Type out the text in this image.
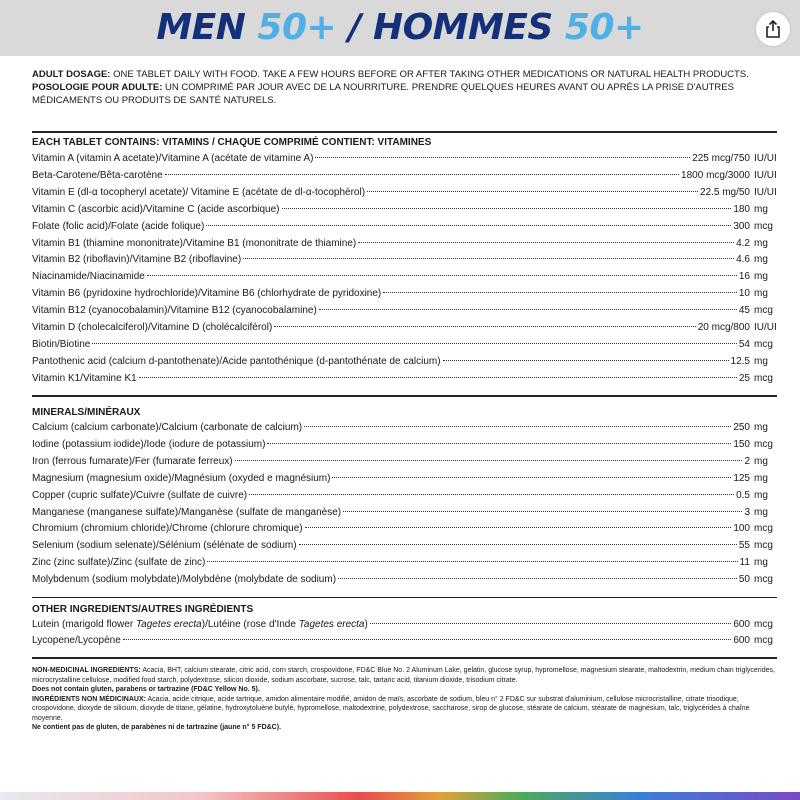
MEN 50+ / HOMMES 50+
ADULT DOSAGE: ONE TABLET DAILY WITH FOOD. TAKE A FEW HOURS BEFORE OR AFTER TAKING OTHER MEDICATIONS OR NATURAL HEALTH PRODUCTS.
POSOLOGIE POUR ADULTE: UN COMPRIMÉ PAR JOUR AVEC DE LA NOURRITURE. PRENDRE QUELQUES HEURES AVANT OU APRÈS LA PRISE D'AUTRES MÉDICAMENTS OU PRODUITS DE SANTÉ NATURELS.
EACH TABLET CONTAINS: VITAMINS / CHAQUE COMPRIMÉ CONTIENT: VITAMINES
Vitamin A (vitamin A acetate)/Vitamine A (acétate de vitamine A)	225 mcg/750 IU/UI
Beta-Carotene/Bêta-carotène	1800 mcg/3000 IU/UI
Vitamin E (dl-α tocopheryl acetate)/ Vitamine E (acétate de dl-α-tocophérol)	22.5 mg/50 IU/UI
Vitamin C (ascorbic acid)/Vitamine C (acide ascorbique)	180 mg
Folate (folic acid)/Folate (acide folique)	300 mcg
Vitamin B1 (thiamine mononitrate)/Vitamine B1 (mononitrate de thiamine)	4.2 mg
Vitamin B2 (riboflavin)/Vitamine B2 (riboflavine)	4.6 mg
Niacinamide/Niacinamide	16 mg
Vitamin B6 (pyridoxine hydrochloride)/Vitamine B6 (chlorhydrate de pyridoxine)	10 mg
Vitamin B12 (cyanocobalamin)/Vitamine B12 (cyanocobalamine)	45 mcg
Vitamin D (cholecalciferol)/Vitamine D (cholécalciférol)	20 mcg/800 IU/UI
Biotin/Biotine	54 mcg
Pantothenic acid (calcium d-pantothenate)/Acide pantothénique (d-pantothénate de calcium)	12.5 mg
Vitamin K1/Vitamine K1	25 mcg
MINERALS/MINÉRAUX
Calcium (calcium carbonate)/Calcium (carbonate de calcium)	250 mg
Iodine (potassium iodide)/Iode (iodure de potassium)	150 mcg
Iron (ferrous fumarate)/Fer (fumarate ferreux)	2 mg
Magnesium (magnesium oxide)/Magnésium (oxyded e magnésium)	125 mg
Copper (cupric sulfate)/Cuivre (sulfate de cuivre)	0.5 mg
Manganese (manganese sulfate)/Manganèse (sulfate de manganèse)	3 mg
Chromium (chromium chloride)/Chrome (chlorure chromique)	100 mcg
Selenium (sodium selenate)/Sélénium (sélénate de sodium)	55 mcg
Zinc (zinc sulfate)/Zinc (sulfate de zinc)	11 mg
Molybdenum (sodium molybdate)/Molybdène (molybdate de sodium)	50 mcg
OTHER INGREDIENTS/AUTRES INGRÉDIENTS
Lutein (marigold flower Tagetes erecta)/Lutéine (rose d'Inde Tagetes erecta)	600 mcg
Lycopene/Lycopène	600 mcg
NON-MEDICINAL INGREDIENTS: Acacia, BHT, calcium stearate, citric acid, corn starch, crospovidone, FD&C Blue No. 2 Aluminum Lake, gelatin, glucose syrup, hypromellose, magnesium stearate, maltodextrin, medium chain triglycerides, microcrystalline cellulose, modified food starch, polydextrose, silicon dioxide, sodium ascorbate, sucrose, talc, tartaric acid, titanium dioxide, trisodium citrate.
Does not contain gluten, parabens or tartrazine (FD&C Yellow No. 5).
INGRÉDIENTS NON MÉDICINAUX: Acacia, acide citrique, acide tartrique, amidon alimentaire modifié, amidon de maïs, ascorbate de sodium, bleu n° 2 FD&C sur substrat d'aluminium, cellulose microcristalline, citrate trisodique, crospovidone, dioxyde de silicium, dioxyde de titane, gélatine, hydroxytoluène butylé, hypromellose, maltodextrine, polydextrose, saccharose, sirop de glucose, stéarate de calcium, stéarate de magnésium, talc, triglycérides à chaîne moyenne.
Ne contient pas de gluten, de parabènes ni de tartrazine (jaune n° 5 FD&C).
